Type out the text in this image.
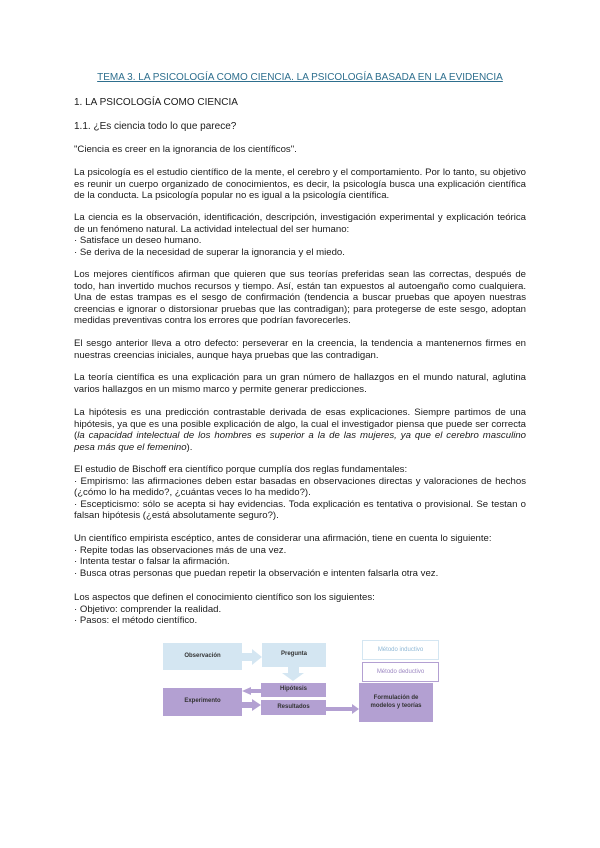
TEMA 3. LA PSICOLOGÍA COMO CIENCIA. LA PSICOLOGÍA BASADA EN LA EVIDENCIA
1. LA PSICOLOGÍA COMO CIENCIA
1.1. ¿Es ciencia todo lo que parece?
"Ciencia es creer en la ignorancia de los científicos".
La psicología es el estudio científico de la mente, el cerebro y el comportamiento. Por lo tanto, su objetivo es reunir un cuerpo organizado de conocimientos, es decir, la psicología busca una explicación científica de la conducta. La psicología popular no es igual a la psicología científica.
La ciencia es la observación, identificación, descripción, investigación experimental y explicación teórica de un fenómeno natural. La actividad intelectual del ser humano:
· Satisface un deseo humano.
· Se deriva de la necesidad de superar la ignorancia y el miedo.
Los mejores científicos afirman que quieren que sus teorías preferidas sean las correctas, después de todo, han invertido muchos recursos y tiempo. Así, están tan expuestos al autoengaño como cualquiera. Una de estas trampas es el sesgo de confirmación (tendencia a buscar pruebas que apoyen nuestras creencias e ignorar o distorsionar pruebas que las contradigan); para protegerse de este sesgo, adoptan medidas preventivas contra los errores que podrían favorecerles.
El sesgo anterior lleva a otro defecto: perseverar en la creencia, la tendencia a mantenernos firmes en nuestras creencias iniciales, aunque haya pruebas que las contradigan.
La teoría científica es una explicación para un gran número de hallazgos en el mundo natural, aglutina varios hallazgos en un mismo marco y permite generar predicciones.
La hipótesis es una predicción contrastable derivada de esas explicaciones. Siempre partimos de una hipótesis, ya que es una posible explicación de algo, la cual el investigador piensa que puede ser correcta (la capacidad intelectual de los hombres es superior a la de las mujeres, ya que el cerebro masculino pesa más que el femenino).
El estudio de Bischoff era científico porque cumplía dos reglas fundamentales:
· Empirismo: las afirmaciones deben estar basadas en observaciones directas y valoraciones de hechos (¿cómo lo ha medido?, ¿cuántas veces lo ha medido?).
· Escepticismo: sólo se acepta si hay evidencias. Toda explicación es tentativa o provisional. Se testan o falsan hipótesis (¿está absolutamente seguro?).
Un científico empirista escéptico, antes de considerar una afirmación, tiene en cuenta lo siguiente:
· Repite todas las observaciones más de una vez.
· Intenta testar o falsar la afirmación.
· Busca otras personas que puedan repetir la observación e intenten falsarla otra vez.
Los aspectos que definen el conocimiento científico son los siguientes:
· Objetivo: comprender la realidad.
· Pasos: el método científico.
Observación	Pregunta
Hipótesis
Resultados
Experimento
Formulación de modelos y teorías
Método inductivo
Método deductivo
